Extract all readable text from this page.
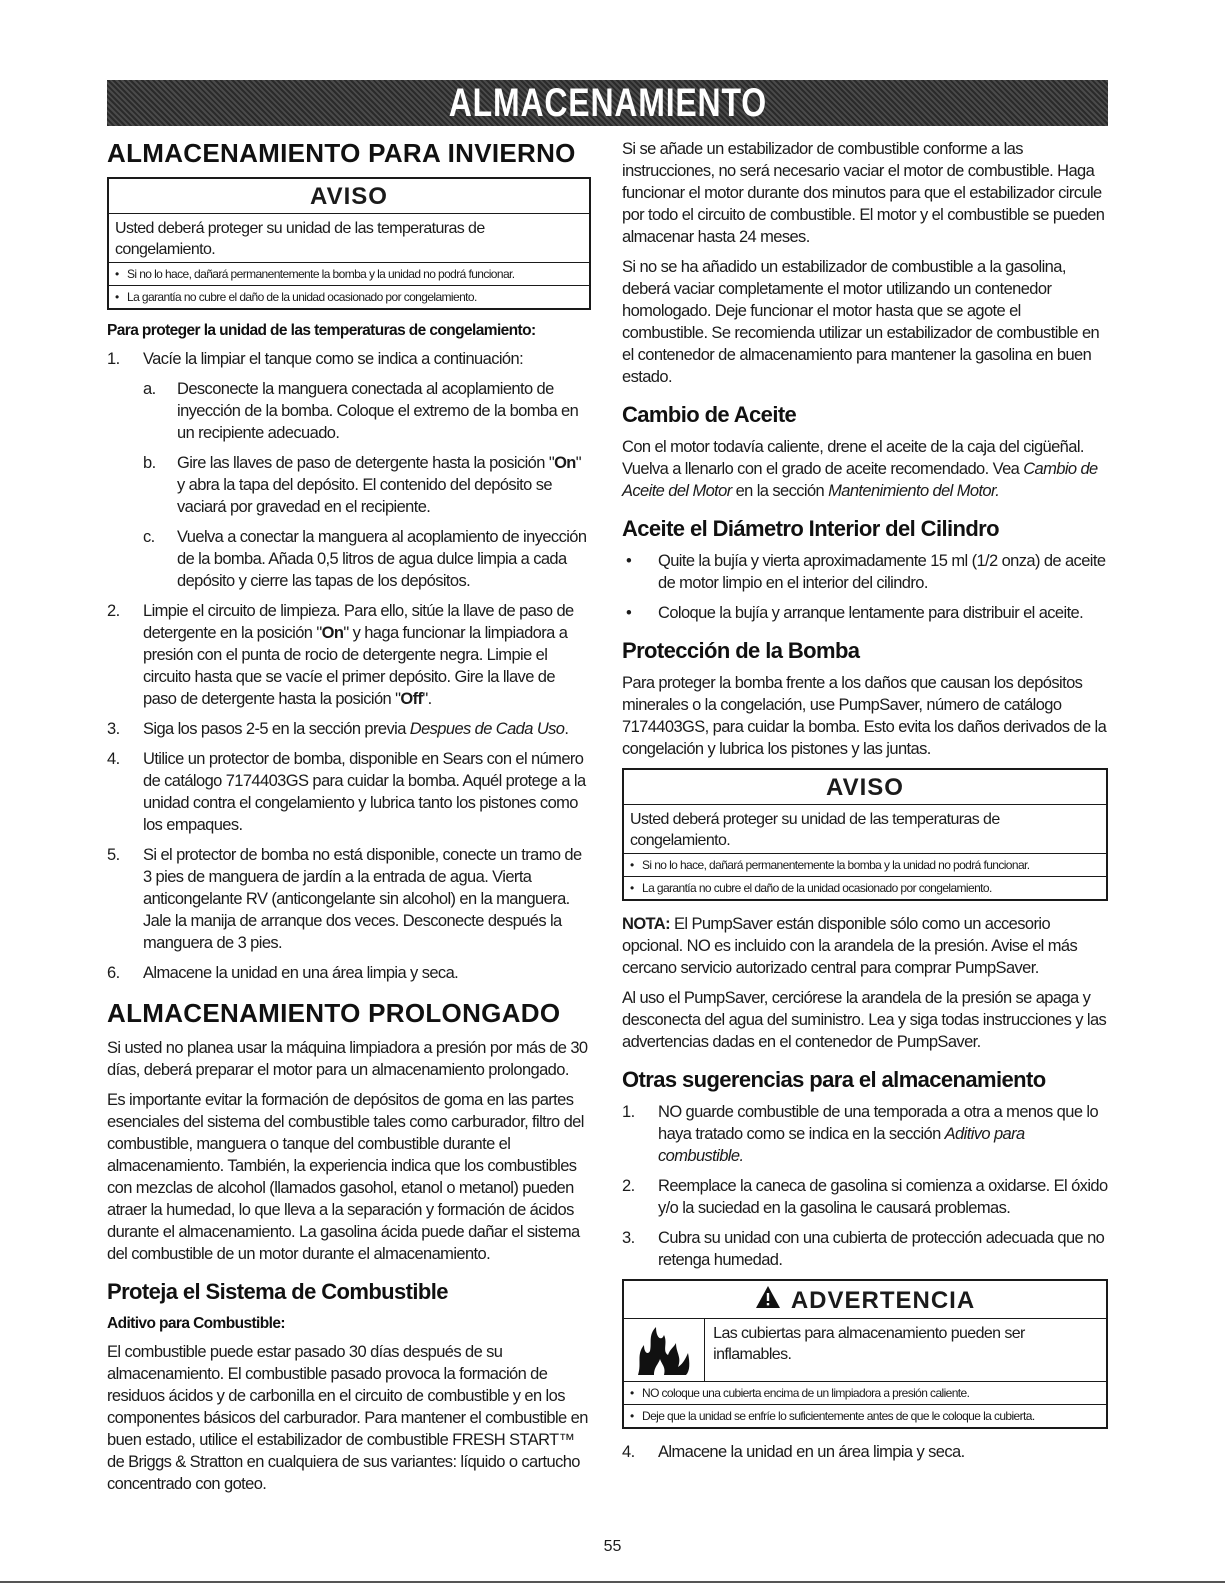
ALMACENAMIENTO
ALMACENAMIENTO PARA INVIERNO
AVISO
Usted deberá proteger su unidad de las temperaturas de congelamiento.
• Si no lo hace, dañará permanentemente la bomba y la unidad no podrá funcionar.
• La garantía no cubre el daño de la unidad ocasionado por congelamiento.
Para proteger la unidad de las temperaturas de congelamiento:
1. Vacíe la limpiar el tanque como se indica a continuación:
a. Desconecte la manguera conectada al acoplamiento de inyección de la bomba. Coloque el extremo de la bomba en un recipiente adecuado.
b. Gire las llaves de paso de detergente hasta la posición "On" y abra la tapa del depósito. El contenido del depósito se vaciará por gravedad en el recipiente.
c. Vuelva a conectar la manguera al acoplamiento de inyección de la bomba. Añada 0,5 litros de agua dulce limpia a cada depósito y cierre las tapas de los depósitos.
2. Limpie el circuito de limpieza. Para ello, sitúe la llave de paso de detergente en la posición "On" y haga funcionar la limpiadora a presión con el punta de rocio de detergente negra. Limpie el circuito hasta que se vacíe el primer depósito. Gire la llave de paso de detergente hasta la posición "Off".
3. Siga los pasos 2-5 en la sección previa Despues de Cada Uso.
4. Utilice un protector de bomba, disponible en Sears con el número de catálogo 7174403GS para cuidar la bomba. Aquél protege a la unidad contra el congelamiento y lubrica tanto los pistones como los empaques.
5. Si el protector de bomba no está disponible, conecte un tramo de 3 pies de manguera de jardín a la entrada de agua. Vierta anticongelante RV (anticongelante sin alcohol) en la manguera. Jale la manija de arranque dos veces. Desconecte después la manguera de 3 pies.
6. Almacene la unidad en una área limpia y seca.
ALMACENAMIENTO PROLONGADO

Si usted no planea usar la máquina limpiadora a presión por más de 30 días, deberá preparar el motor para un almacenamiento prolongado.

Es importante evitar la formación de depósitos de goma en las partes esenciales del sistema del combustible tales como carburador, filtro del combustible, manguera o tanque del combustible durante el almacenamiento. También, la experiencia indica que los combustibles con mezclas de alcohol (llamados gasohol, etanol o metanol) pueden atraer la humedad, lo que lleva a la separación y formación de ácidos durante el almacenamiento. La gasolina ácida puede dañar el sistema del combustible de un motor durante el almacenamiento.

Proteja el Sistema de Combustible
Aditivo para Combustible:

El combustible puede estar pasado 30 días después de su almacenamiento. El combustible pasado provoca la formación de residuos ácidos y de carbonilla en el circuito de combustible y en los componentes básicos del carburador. Para mantener el combustible en buen estado, utilice el estabilizador de combustible FRESH START™ de Briggs & Stratton en cualquiera de sus variantes: líquido o cartucho concentrado con goteo.

Si se añade un estabilizador de combustible conforme a las instrucciones, no será necesario vaciar el motor de combustible. Haga funcionar el motor durante dos minutos para que el estabilizador circule por todo el circuito de combustible. El motor y el combustible se pueden almacenar hasta 24 meses.

Si no se ha añadido un estabilizador de combustible a la gasolina, deberá vaciar completamente el motor utilizando un contenedor homologado. Deje funcionar el motor hasta que se agote el combustible. Se recomienda utilizar un estabilizador de combustible en el contenedor de almacenamiento para mantener la gasolina en buen estado.

Cambio de Aceite

Con el motor todavía caliente, drene el aceite de la caja del cigüeñal. Vuelva a llenarlo con el grado de aceite recomendado. Vea Cambio de Aceite del Motor en la sección Mantenimiento del Motor.

Aceite el Diámetro Interior del Cilindro
• Quite la bujía y vierta aproximadamente 15 ml (1/2 onza) de aceite de motor limpio en el interior del cilindro.
• Coloque la bujía y arranque lentamente para distribuir el aceite.
Protección de la Bomba

Para proteger la bomba frente a los daños que causan los depósitos minerales o la congelación, use PumpSaver, número de catálogo 7174403GS, para cuidar la bomba. Esto evita los daños derivados de la congelación y lubrica los pistones y las juntas.

AVISO
Usted deberá proteger su unidad de las temperaturas de congelamiento.
• Si no lo hace, dañará permanentemente la bomba y la unidad no podrá funcionar.
• La garantía no cubre el daño de la unidad ocasionado por congelamiento.

NOTA: El PumpSaver están disponible sólo como un accesorio opcional. NO es incluido con la arandela de la presión. Avise el más cercano servicio autorizado central para comprar PumpSaver.

Al uso el PumpSaver, cerciórese la arandela de la presión se apaga y desconecta del agua del suministro. Lea y siga todas instrucciones y las advertencias dadas en el contenedor de PumpSaver.

Otras sugerencias para el almacenamiento
1. NO guarde combustible de una temporada a otra a menos que lo haya tratado como se indica en la sección Aditivo para combustible.
2. Reemplace la caneca de gasolina si comienza a oxidarse. El óxido y/o la suciedad en la gasolina le causará problemas.
3. Cubra su unidad con una cubierta de protección adecuada que no retenga humedad.
ADVERTENCIA
Las cubiertas para almacenamiento pueden ser inflamables.
• NO coloque una cubierta encima de un limpiadora a presión caliente.
• Deje que la unidad se enfríe lo suficientemente antes de que le coloque la cubierta.
4. Almacene la unidad en un área limpia y seca.
55
